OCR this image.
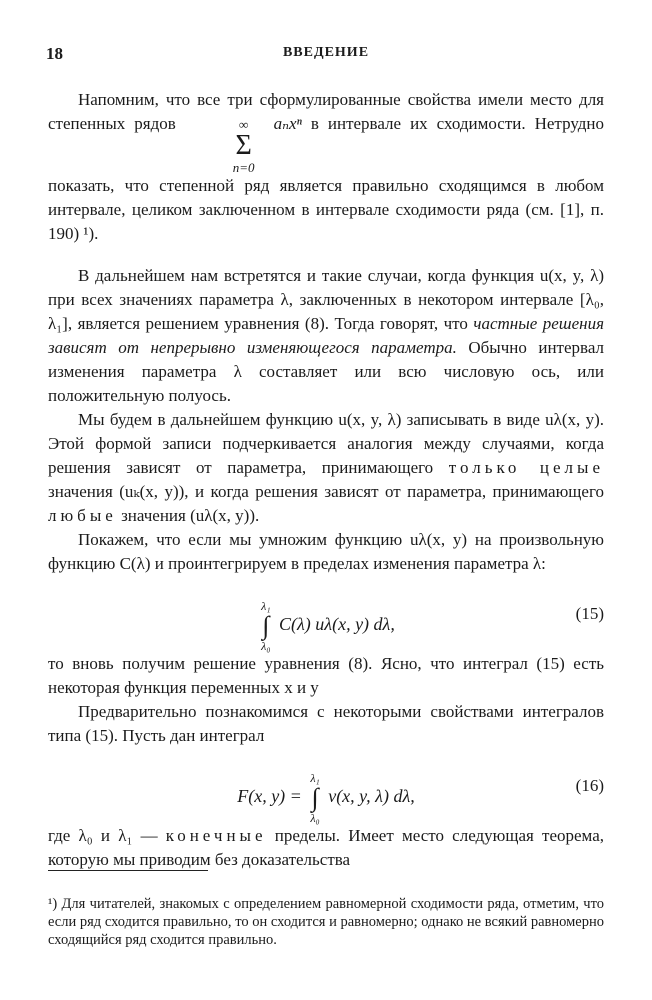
18	ВВЕДЕНИЕ

Напомним, что все три сформулированные свойства имели место для степенных рядов	∞
Σ
n=0
aₙxⁿ в интервале их сходимости. Нетрудно показать, что степенной ряд является правильно сходящимся в любом интервале, целиком заключенном в интервале сходимости ряда (см. [1], п. 190) ¹).

В дальнейшем нам встретятся и такие случаи, когда функция u(x, y, λ) при всех значениях параметра λ, заключенных в некотором интервале [λ₀, λ₁], является решением уравнения (8). Тогда говорят, что частные решения зависят от непрерывно изменяющегося параметра. Обычно интервал изменения параметра λ составляет или всю числовую ось, или положительную полуось.

Мы будем в дальнейшем функцию u(x, y, λ) записывать в виде uλ(x, y). Этой формой записи подчеркивается аналогия между случаями, когда решения зависят от параметра, принимающего только целые значения (uₖ(x, y)), и когда решения зависят от параметра, принимающего любые значения (uλ(x, y)).

Покажем, что если мы умножим функцию uλ(x, y) на произвольную функцию C(λ) и проинтегрируем в пределах изменения параметра λ:

λ₁
∫
λ₀
C(λ) uλ(x, y) dλ,
(15)

то вновь получим решение уравнения (8). Ясно, что интеграл (15) есть некоторая функция переменных x и y

Предварительно познакомимся с некоторыми свойствами интегралов типа (15). Пусть дан интеграл

F(x, y) =
λ₁
∫
λ₀
v(x, y, λ) dλ,
(16)

где λ₀ и λ₁ — конечные пределы. Имеет место следующая теорема, которую мы приводим без доказательства

¹) Для читателей, знакомых с определением равномерной сходимости ряда, отметим, что если ряд сходится правильно, то он сходится и равномерно; однако не всякий равномерно сходящийся ряд сходится правильно.
